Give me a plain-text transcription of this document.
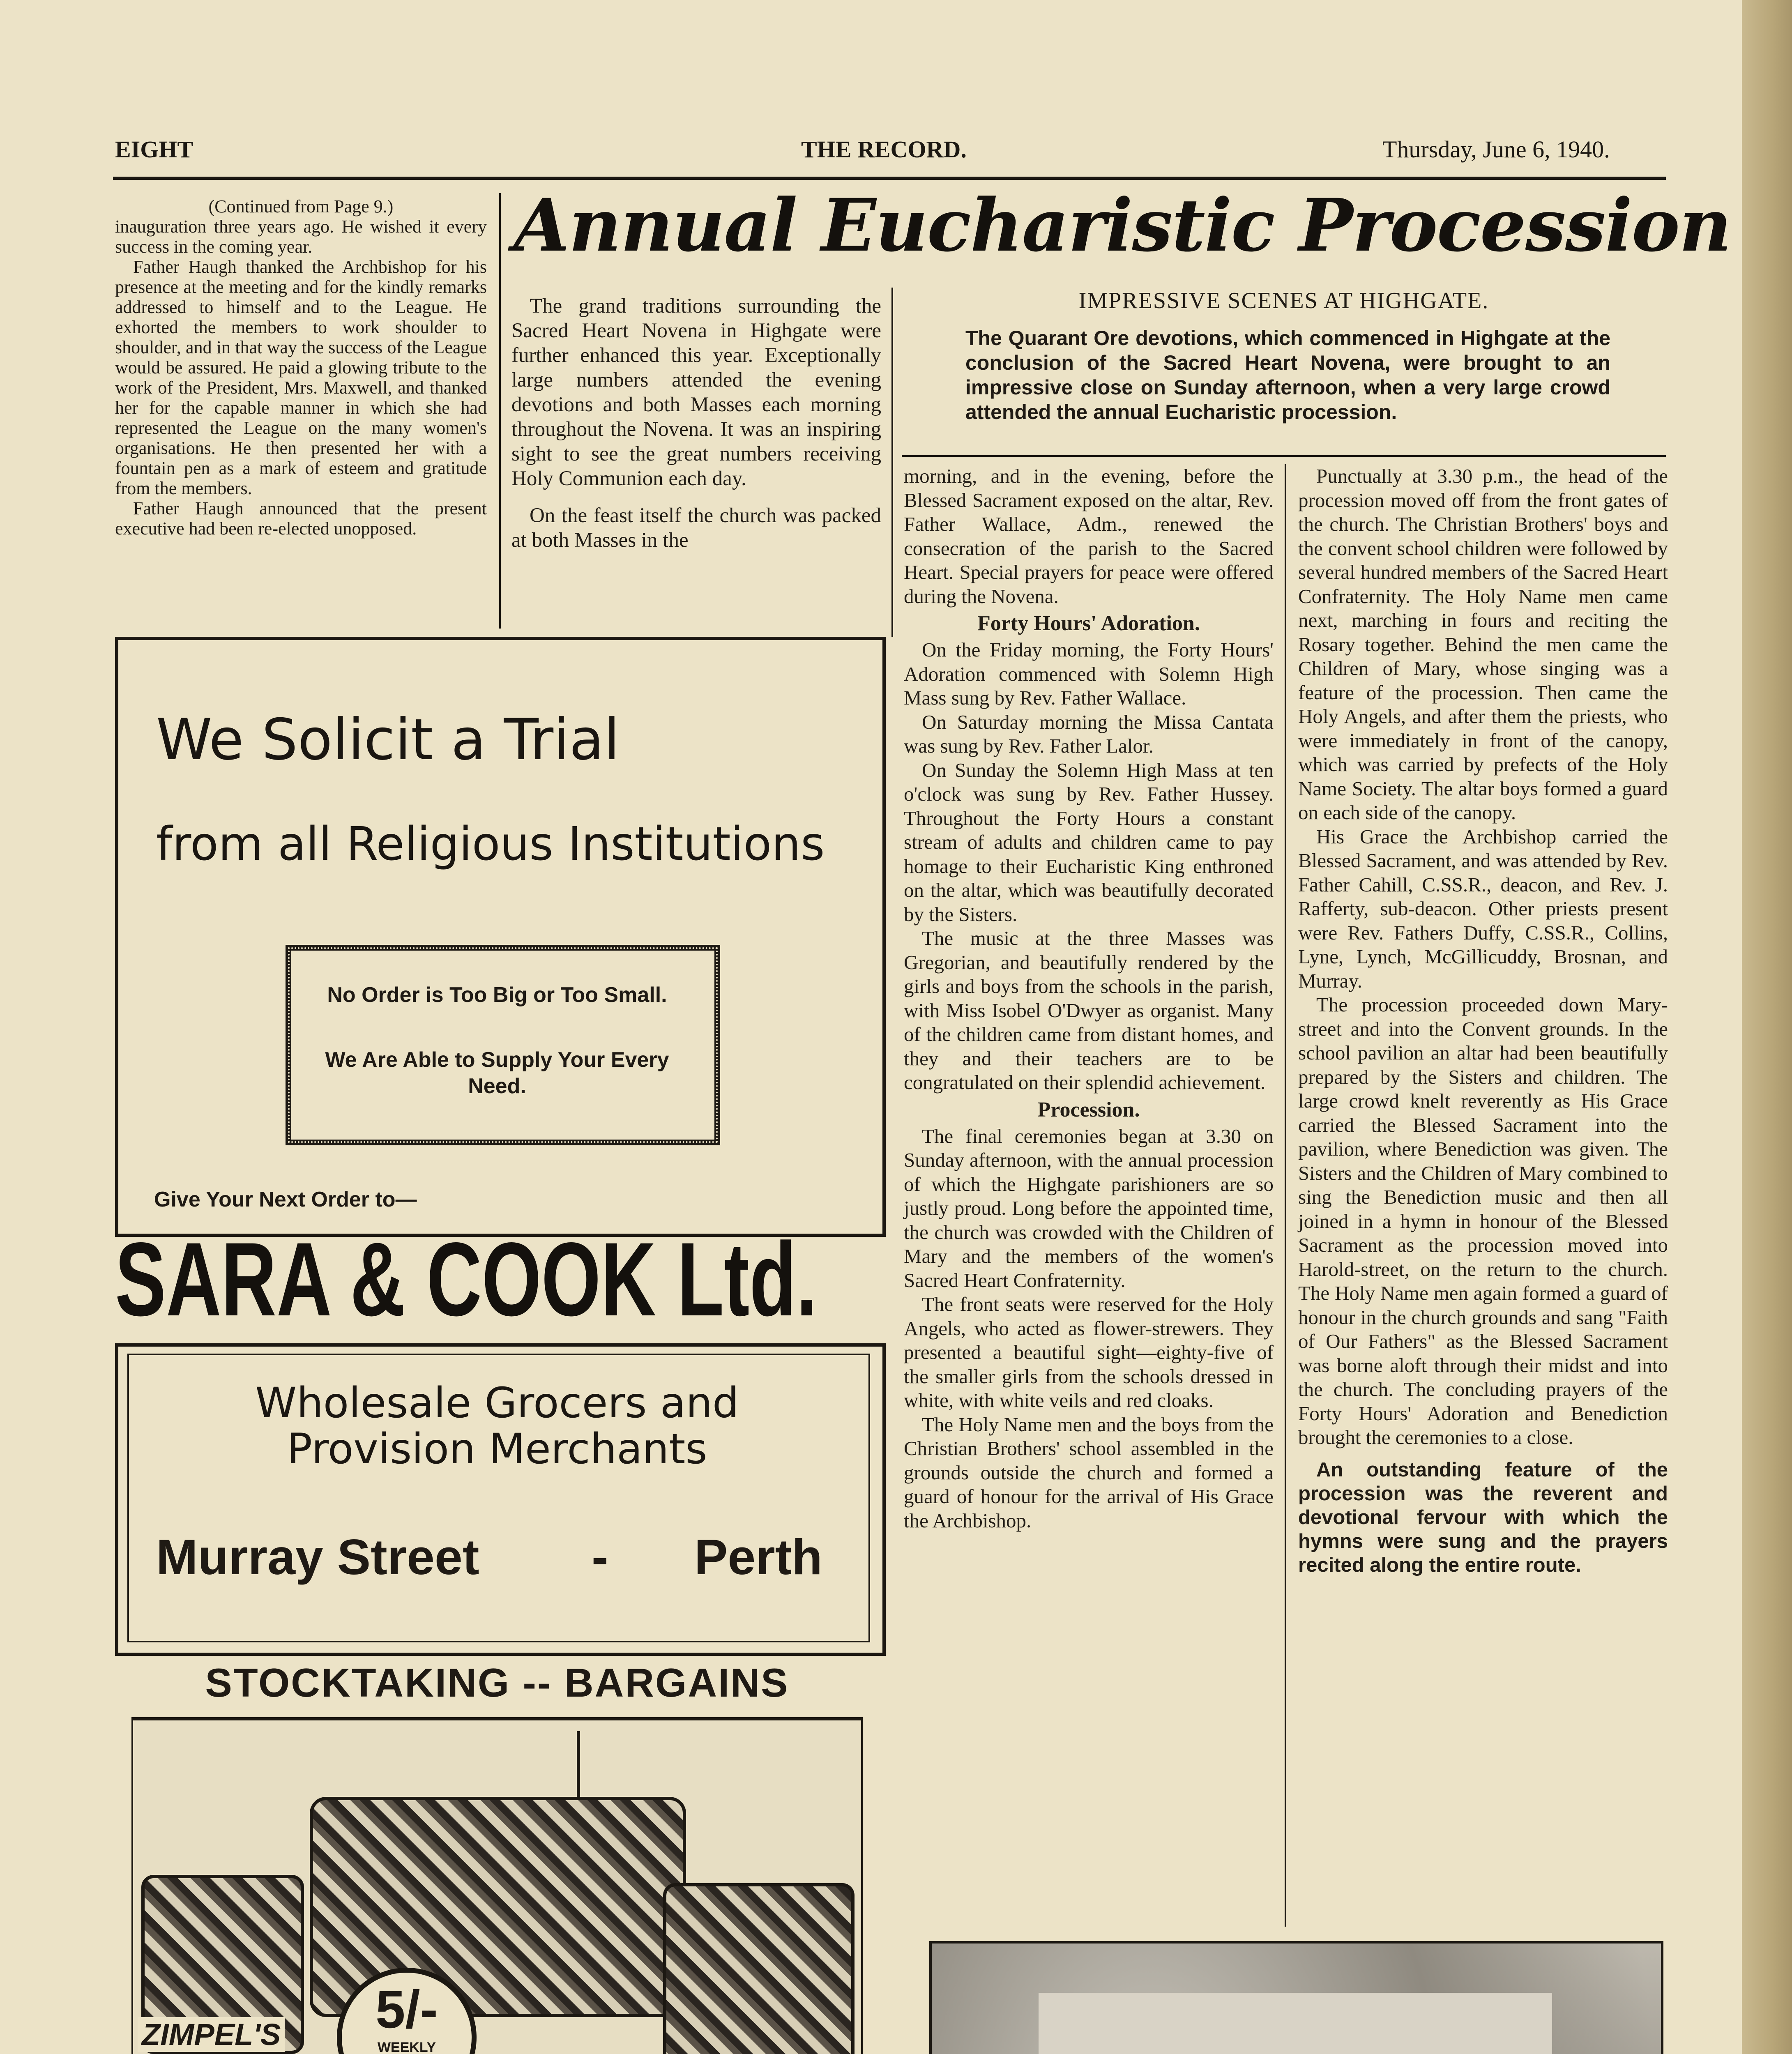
EIGHT	THE RECORD.	Thursday, June 6, 1940.
(Continued from Page 9.)

inauguration three years ago. He wished it every success in the coming year.

Father Haugh thanked the Archbishop for his presence at the meeting and for the kindly remarks addressed to himself and to the League. He exhorted the members to work shoulder to shoulder, and in that way the success of the League would be assured. He paid a glowing tribute to the work of the President, Mrs. Maxwell, and thanked her for the capable manner in which she had represented the League on the many women's organisations. He then presented her with a fountain pen as a mark of esteem and gratitude from the members.

Father Haugh announced that the present executive had been re-elected unopposed.

Annual Eucharistic Procession

The grand traditions surrounding the Sacred Heart Novena in Highgate were further enhanced this year. Exceptionally large numbers attended the evening devotions and both Masses each morning throughout the Novena. It was an inspiring sight to see the great numbers receiving Holy Communion each day.

On the feast itself the church was packed at both Masses in the

IMPRESSIVE SCENES AT HIGHGATE.
The Quarant Ore devotions, which commenced in Highgate at the conclusion of the Sacred Heart Novena, were brought to an impressive close on Sunday afternoon, when a very large crowd attended the annual Eucharistic procession.

morning, and in the evening, before the Blessed Sacrament exposed on the altar, Rev. Father Wallace, Adm., renewed the consecration of the parish to the Sacred Heart. Special prayers for peace were offered during the Novena.

Forty Hours' Adoration.

On the Friday morning, the Forty Hours' Adoration commenced with Solemn High Mass sung by Rev. Father Wallace.

On Saturday morning the Missa Cantata was sung by Rev. Father Lalor.

On Sunday the Solemn High Mass at ten o'clock was sung by Rev. Father Hussey. Throughout the Forty Hours a constant stream of adults and children came to pay homage to their Eucharistic King enthroned on the altar, which was beautifully decorated by the Sisters.

The music at the three Masses was Gregorian, and beautifully rendered by the girls and boys from the schools in the parish, with Miss Isobel O'Dwyer as organist. Many of the children came from distant homes, and they and their teachers are to be congratulated on their splendid achievement.

Procession.

The final ceremonies began at 3.30 on Sunday afternoon, with the annual procession of which the Highgate parishioners are so justly proud. Long before the appointed time, the church was crowded with the Children of Mary and the members of the women's Sacred Heart Confraternity.

The front seats were reserved for the Holy Angels, who acted as flower-strewers. They presented a beautiful sight—eighty-five of the smaller girls from the schools dressed in white, with white veils and red cloaks.

The Holy Name men and the boys from the Christian Brothers' school assembled in the grounds outside the church and formed a guard of honour for the arrival of His Grace the Archbishop.

Punctually at 3.30 p.m., the head of the procession moved off from the front gates of the church. The Christian Brothers' boys and the convent school children were followed by several hundred members of the Sacred Heart Confraternity. The Holy Name men came next, marching in fours and reciting the Rosary together. Behind the men came the Children of Mary, whose singing was a feature of the procession. Then came the Holy Angels, and after them the priests, who were immediately in front of the canopy, which was carried by prefects of the Holy Name Society. The altar boys formed a guard on each side of the canopy.

His Grace the Archbishop carried the Blessed Sacrament, and was attended by Rev. Father Cahill, C.SS.R., deacon, and Rev. J. Rafferty, sub-deacon. Other priests present were Rev. Fathers Duffy, C.SS.R., Collins, Lyne, Lynch, McGillicuddy, Brosnan, and Murray.

The procession proceeded down Mary-street and into the Convent grounds. In the school pavilion an altar had been beautifully prepared by the Sisters and children. The large crowd knelt reverently as His Grace carried the Blessed Sacrament into the pavilion, where Benediction was given. The Sisters and the Children of Mary combined to sing the Benediction music and then all joined in a hymn in honour of the Blessed Sacrament as the procession moved into Harold-street, on the return to the church. The Holy Name men again formed a guard of honour in the church grounds and sang "Faith of Our Fathers" as the Blessed Sacrament was borne aloft through their midst and into the church. The concluding prayers of the Forty Hours' Adoration and Benediction brought the ceremonies to a close.

An outstanding feature of the procession was the reverent and devotional fervour with which the hymns were sung and the prayers recited along the entire route.

We Solicit a Trial
from all Religious Institutions
No Order is Too Big or Too Small.
We Are Able to Supply Your Every Need.
Give Your Next Order to—
SARA & COOK Ltd.
Wholesale Grocers and
Provision Merchants
Murray Street - Perth
STOCKTAKING -- BARGAINS
ZIMPEL'S	5/-
WEEKLY
